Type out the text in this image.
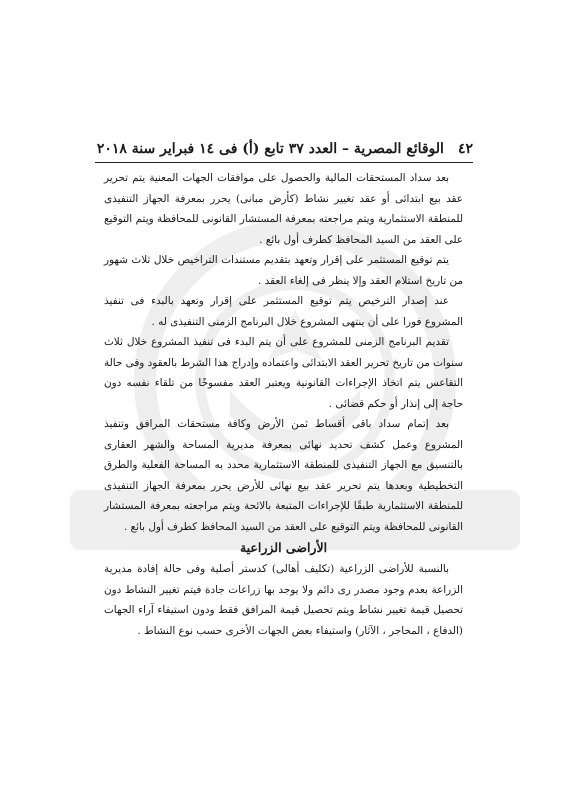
٤٢
الوقائع المصرية – العدد ٣٧ تابع (أ) فى ١٤ فبراير سنة ٢٠١٨

بعد سداد المستحقات المالية والحصول على موافقات الجهات المعنية يتم تحرير عقد بيع ابتدائى أو عقد تغيير نشاط (كأرض مبانى) يحرر بمعرفة الجهاز التنفيذى للمنطقة الاستثمارية ويتم مراجعته بمعرفة المستشار القانونى للمحافظة ويتم التوقيع على العقد من السيد المحافظ كطرف أول بائع .

يتم توقيع المستثمر على إقرار وتعهد بتقديم مستندات التراخيص خلال ثلاث شهور من تاريخ استلام العقد وإلا ينظر فى إلغاء العقد .

عند إصدار الترخيص يتم توقيع المستثمر على إقرار وتعهد بالبدء فى تنفيذ المشروع فورا على أن ينتهى المشروع خلال البرنامج الزمنى التنفيذى له .

تقديم البرنامج الزمنى للمشروع على أن يتم البدء فى تنفيذ المشروع خلال ثلاث سنوات من تاريخ تحرير العقد الابتدائى واعتماده وإدراج هذا الشرط بالعقود وفى حالة التقاعس يتم اتخاذ الإجراءات القانونية ويعتبر العقد مفسوخًا من تلقاء نفسه دون حاجة إلى إنذار أو حكم قضائى .

بعد إتمام سداد باقى أقساط ثمن الأرض وكافة مستحقات المرافق وتنفيذ المشروع وعمل كشف تحديد نهائى بمعرفة مديرية المساحة والشهر العقارى بالتنسيق مع الجهاز التنفيذى للمنطقة الاستثمارية محدد به المساحة الفعلية والطرق التخطيطية وبعدها يتم تحرير عقد بيع نهائى للأرض يحرر بمعرفة الجهاز التنفيذى للمنطقة الاستثمارية طبقًا للإجراءات المتبعة بالائحة ويتم مراجعته بمعرفة المستشار القانونى للمحافظة ويتم التوقيع على العقد من السيد المحافظ كطرف أول بائع .

الأراضى الزراعية

بالنسبة للأراضى الزراعية (تكليف أهالى) كدستر أصلية وفى حالة إفادة مديرية الزراعة بعدم وجود مصدر رى دائم ولا يوجد بها زراعات جادة فيتم تغيير النشاط دون تحصيل قيمة تغيير نشاط ويتم تحصيل قيمة المرافق فقط ودون استيفاء آراء الجهات (الدفاع ، المحاجر ، الآثار) واستيفاء بعض الجهات الأخرى حسب نوع النشاط .
